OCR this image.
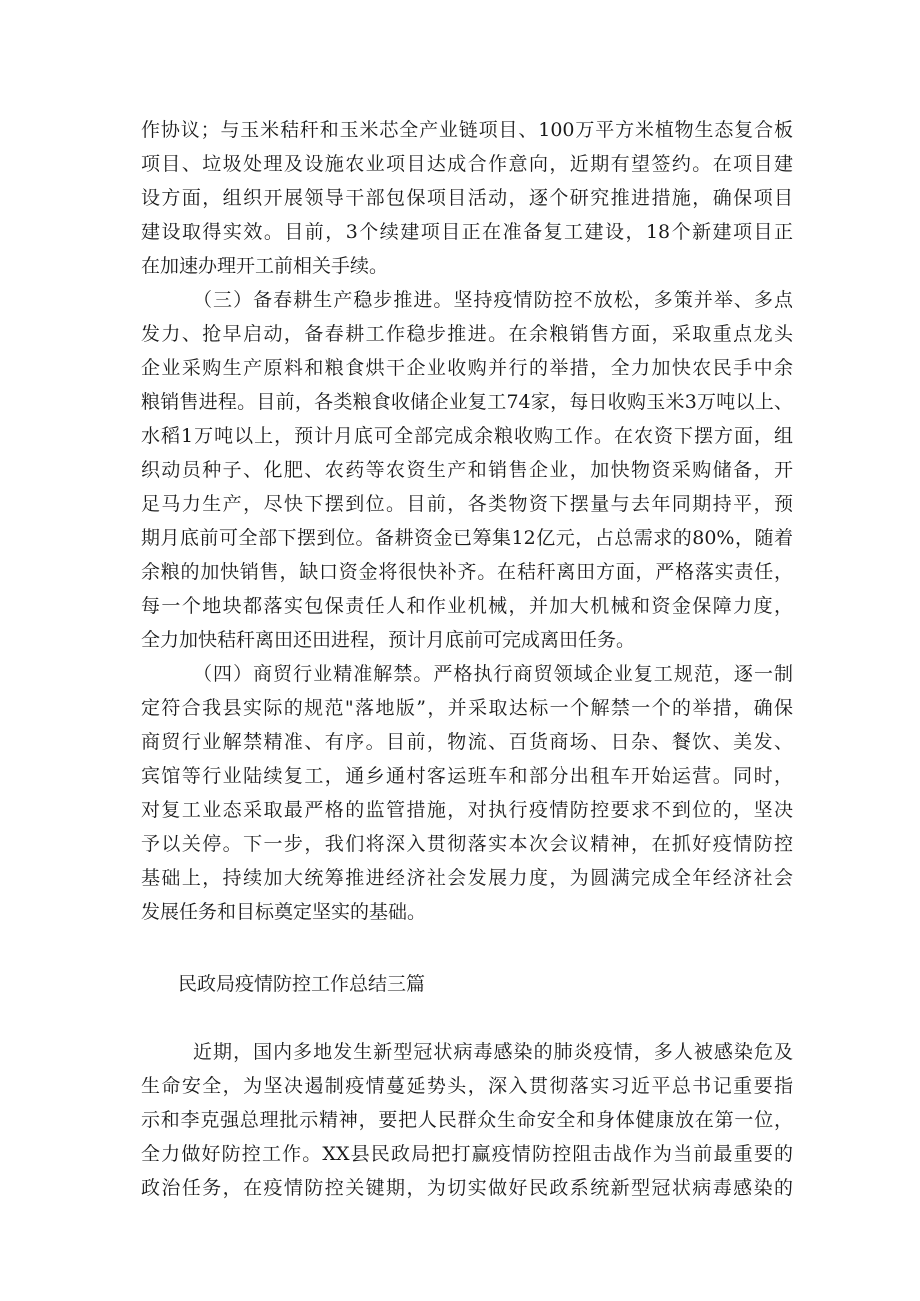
作协议；与玉米秸秆和玉米芯全产业链项目、100万平方米植物生态复合板
项目、垃圾处理及设施农业项目达成合作意向，近期有望签约。在项目建
设方面，组织开展领导干部包保项目活动，逐个研究推进措施，确保项目
建设取得实效。目前，3个续建项目正在准备复工建设，18个新建项目正
在加速办理开工前相关手续。
（三）备春耕生产稳步推进。坚持疫情防控不放松，多策并举、多点
发力、抢早启动，备春耕工作稳步推进。在余粮销售方面，采取重点龙头
企业采购生产原料和粮食烘干企业收购并行的举措，全力加快农民手中余
粮销售进程。目前，各类粮食收储企业复工74家，每日收购玉米3万吨以上、
水稻1万吨以上，预计月底可全部完成余粮收购工作。在农资下摆方面，组
织动员种子、化肥、农药等农资生产和销售企业，加快物资采购储备，开
足马力生产，尽快下摆到位。目前，各类物资下摆量与去年同期持平，预
期月底前可全部下摆到位。备耕资金已筹集12亿元，占总需求的80%，随着
余粮的加快销售，缺口资金将很快补齐。在秸秆离田方面，严格落实责任，
每一个地块都落实包保责任人和作业机械，并加大机械和资金保障力度，
全力加快秸秆离田还田进程，预计月底前可完成离田任务。
（四）商贸行业精准解禁。严格执行商贸领域企业复工规范，逐一制
定符合我县实际的规范"落地版”，并采取达标一个解禁一个的举措，确保
商贸行业解禁精准、有序。目前，物流、百货商场、日杂、餐饮、美发、
宾馆等行业陆续复工，通乡通村客运班车和部分出租车开始运营。同时，
对复工业态采取最严格的监管措施，对执行疫情防控要求不到位的，坚决
予以关停。下一步，我们将深入贯彻落实本次会议精神，在抓好疫情防控
基础上，持续加大统筹推进经济社会发展力度，为圆满完成全年经济社会
发展任务和目标奠定坚实的基础。
民政局疫情防控工作总结三篇
近期，国内多地发生新型冠状病毒感染的肺炎疫情，多人被感染危及
生命安全，为坚决遏制疫情蔓延势头，深入贯彻落实习近平总书记重要指
示和李克强总理批示精神，要把人民群众生命安全和身体健康放在第一位，
全力做好防控工作。XX县民政局把打赢疫情防控阻击战作为当前最重要的
政治任务，在疫情防控关键期，为切实做好民政系统新型冠状病毒感染的
